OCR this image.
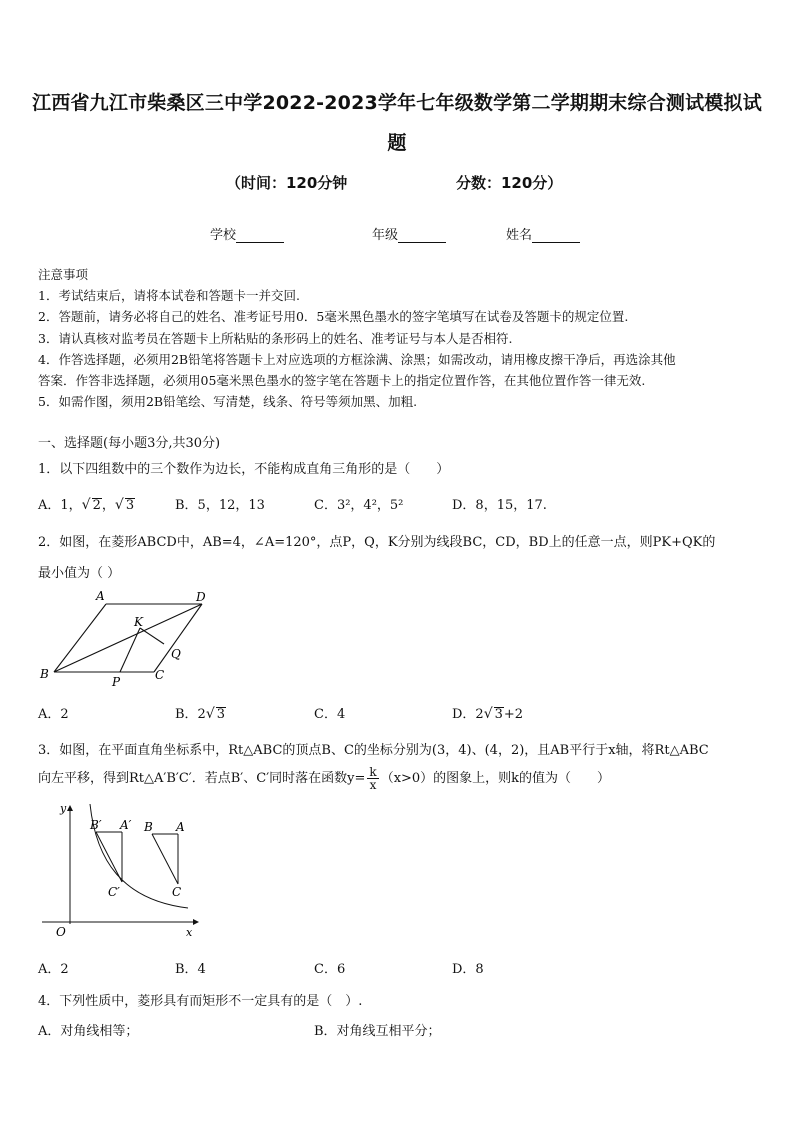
江西省九江市柴桑区三中学2022-2023学年七年级数学第二学期期末综合测试模拟试
题
（时间：120分钟	分数：120分）
学校	年级	姓名
注意事项
1．考试结束后，请将本试卷和答题卡一并交回.
2．答题前，请务必将自己的姓名、准考证号用0．5毫米黑色墨水的签字笔填写在试卷及答题卡的规定位置.
3．请认真核对监考员在答题卡上所粘贴的条形码上的姓名、准考证号与本人是否相符.
4．作答选择题，必须用2B铅笔将答题卡上对应选项的方框涂满、涂黑；如需改动，请用橡皮擦干净后，再选涂其他
答案．作答非选择题，必须用05毫米黑色墨水的签字笔在答题卡上的指定位置作答，在其他位置作答一律无效.
5．如需作图，须用2B铅笔绘、写清楚，线条、符号等须加黑、加粗.
一、选择题(每小题3分,共30分)
1．以下四组数中的三个数作为边长，不能构成直角三角形的是（　　）
A．1，√ 2，√ 3	B．5，12，13	C．3²，4²，5²	D．8，15，17.
2．如图，在菱形ABCD中，AB=4，∠A=120°，点P，Q，K分别为线段BC，CD，BD上的任意一点，则PK+QK的
最小值为（ ）
A	D
K
Q
B
P	C
A．2	B．2√ 3	C．4	D．2√ 3+2
3．如图，在平面直角坐标系中，Rt△ABC的顶点B、C的坐标分别为(3，4)、(4，2)，且AB平行于x轴，将Rt△ABC
向左平移，得到Rt△A′B′C′．若点B′、C′同时落在函数$y= \frac{k}{x} (x>0)$的图象上，则k的值为（　　）
y
x
O
B′ A′
C′
B A
C
A．2	B．4	C．6	D．8
4．下列性质中，菱形具有而矩形不一定具有的是（　）.
A．对角线相等；	B．对角线互相平分；
